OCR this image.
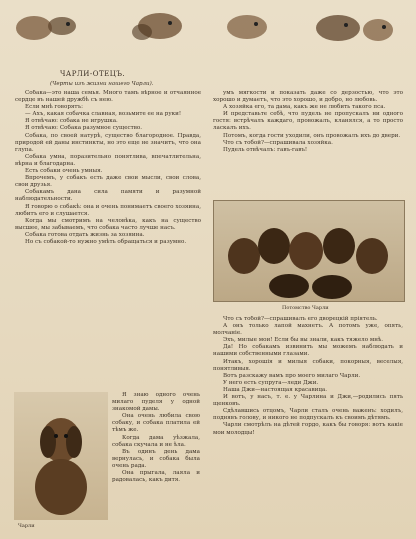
ЧАРЛИ-ОТЕЦЪ.
(Черты изъ жизни нашего Чарли).

Собака—это наша семья. Много тамъ вѣрное и отчаянное сердце въ нашей дружбѣ съ нею.

Если мнѣ говорятъ:

— Ахъ, какая собачка славная, возьмите ее на руки!

Я отвѣчаю: собака не игрушка.

Я отвѣчаю: Собака разумное существо.

Собака, по своей натурѣ, существо благородное. Правда, природой ей даны инстинкты, но это еще не значитъ, что она глупа.

Собака умна, поразительно понятлива, впечатлительна, вѣрна и благодарна.

Есть собаки очень умныя.

Впрочемъ, у собакъ есть даже свои мысли, свои слова, свои друзья.

Собакамъ дана сила памяти и разумной наблюдательности.

Я говорю о собакѣ: она и очень понимаетъ своего хозяина, любитъ его и слушается.

Когда мы смотримъ на человѣка, какъ на существо высшее, мы забываемъ, что собака часто лучше насъ.

Собака готова отдать жизнь за хозяина.

Но съ собакой-то нужно умѣть обращаться и разумно.

Я знаю одного очень милаго пуделя у одной знакомой дамы.

Она очень любила свою собаку, и собака платила ей тѣмъ же.

Когда дама уѣзжала, собака скучала и не ѣла.

Въ одинъ день дама вернулась, и собака была очень рада.

Она прыгала, лаяла и радовалась, какъ дитя.

Чарли

умъ мягкости и показать даже со дерзостью, что это хорошо и думаетъ, что это хорошо, и добро, но любовь.

А хозяйка его, та дама, какъ же не любить такого пса.

И представьте себѣ, что пудель не пропускалъ ни одного гостя: встрѣчалъ каждаго, провожалъ, кланялся, а то просто ласкалъ ихъ.

Потомъ, когда гости уходили, онъ провожалъ ихъ до двери.

Что съ тобой?—спрашивала хозяйка.

Пудель отвѣчалъ: гавъ-гавъ!

Потомство Чарли

Что съ тобой?—спрашивалъ его дворецкій пріятель.

А онъ только лапой махнетъ. А потомъ уже, опять, молчаніе.

Эхъ, милые мои! Если бы вы знали, какъ тяжело мнѣ.

Да! Но собакамъ извинить мы можемъ наблюдать и нашими собственными глазами.

Итакъ, хорошія и милыя собаки, покорныя, веселыя, понятливыя.

Вотъ разскажу вамъ про моего милаго Чарли.

У него есть супруга—леди Джи.

Наша Джи—настоящая красавица.

И вотъ, у насъ, т. е. у Чарлина и Джи,—родились пять щенковъ.

Сдѣлавшись отцомъ, Чарли сталъ очень важенъ: ходилъ, поднявъ голову, и никого не подпускалъ къ своимъ дѣтямъ.

Чарли смотрѣлъ на дѣтей гордо, какъ бы говоря: вотъ какіе мои молодцы!
